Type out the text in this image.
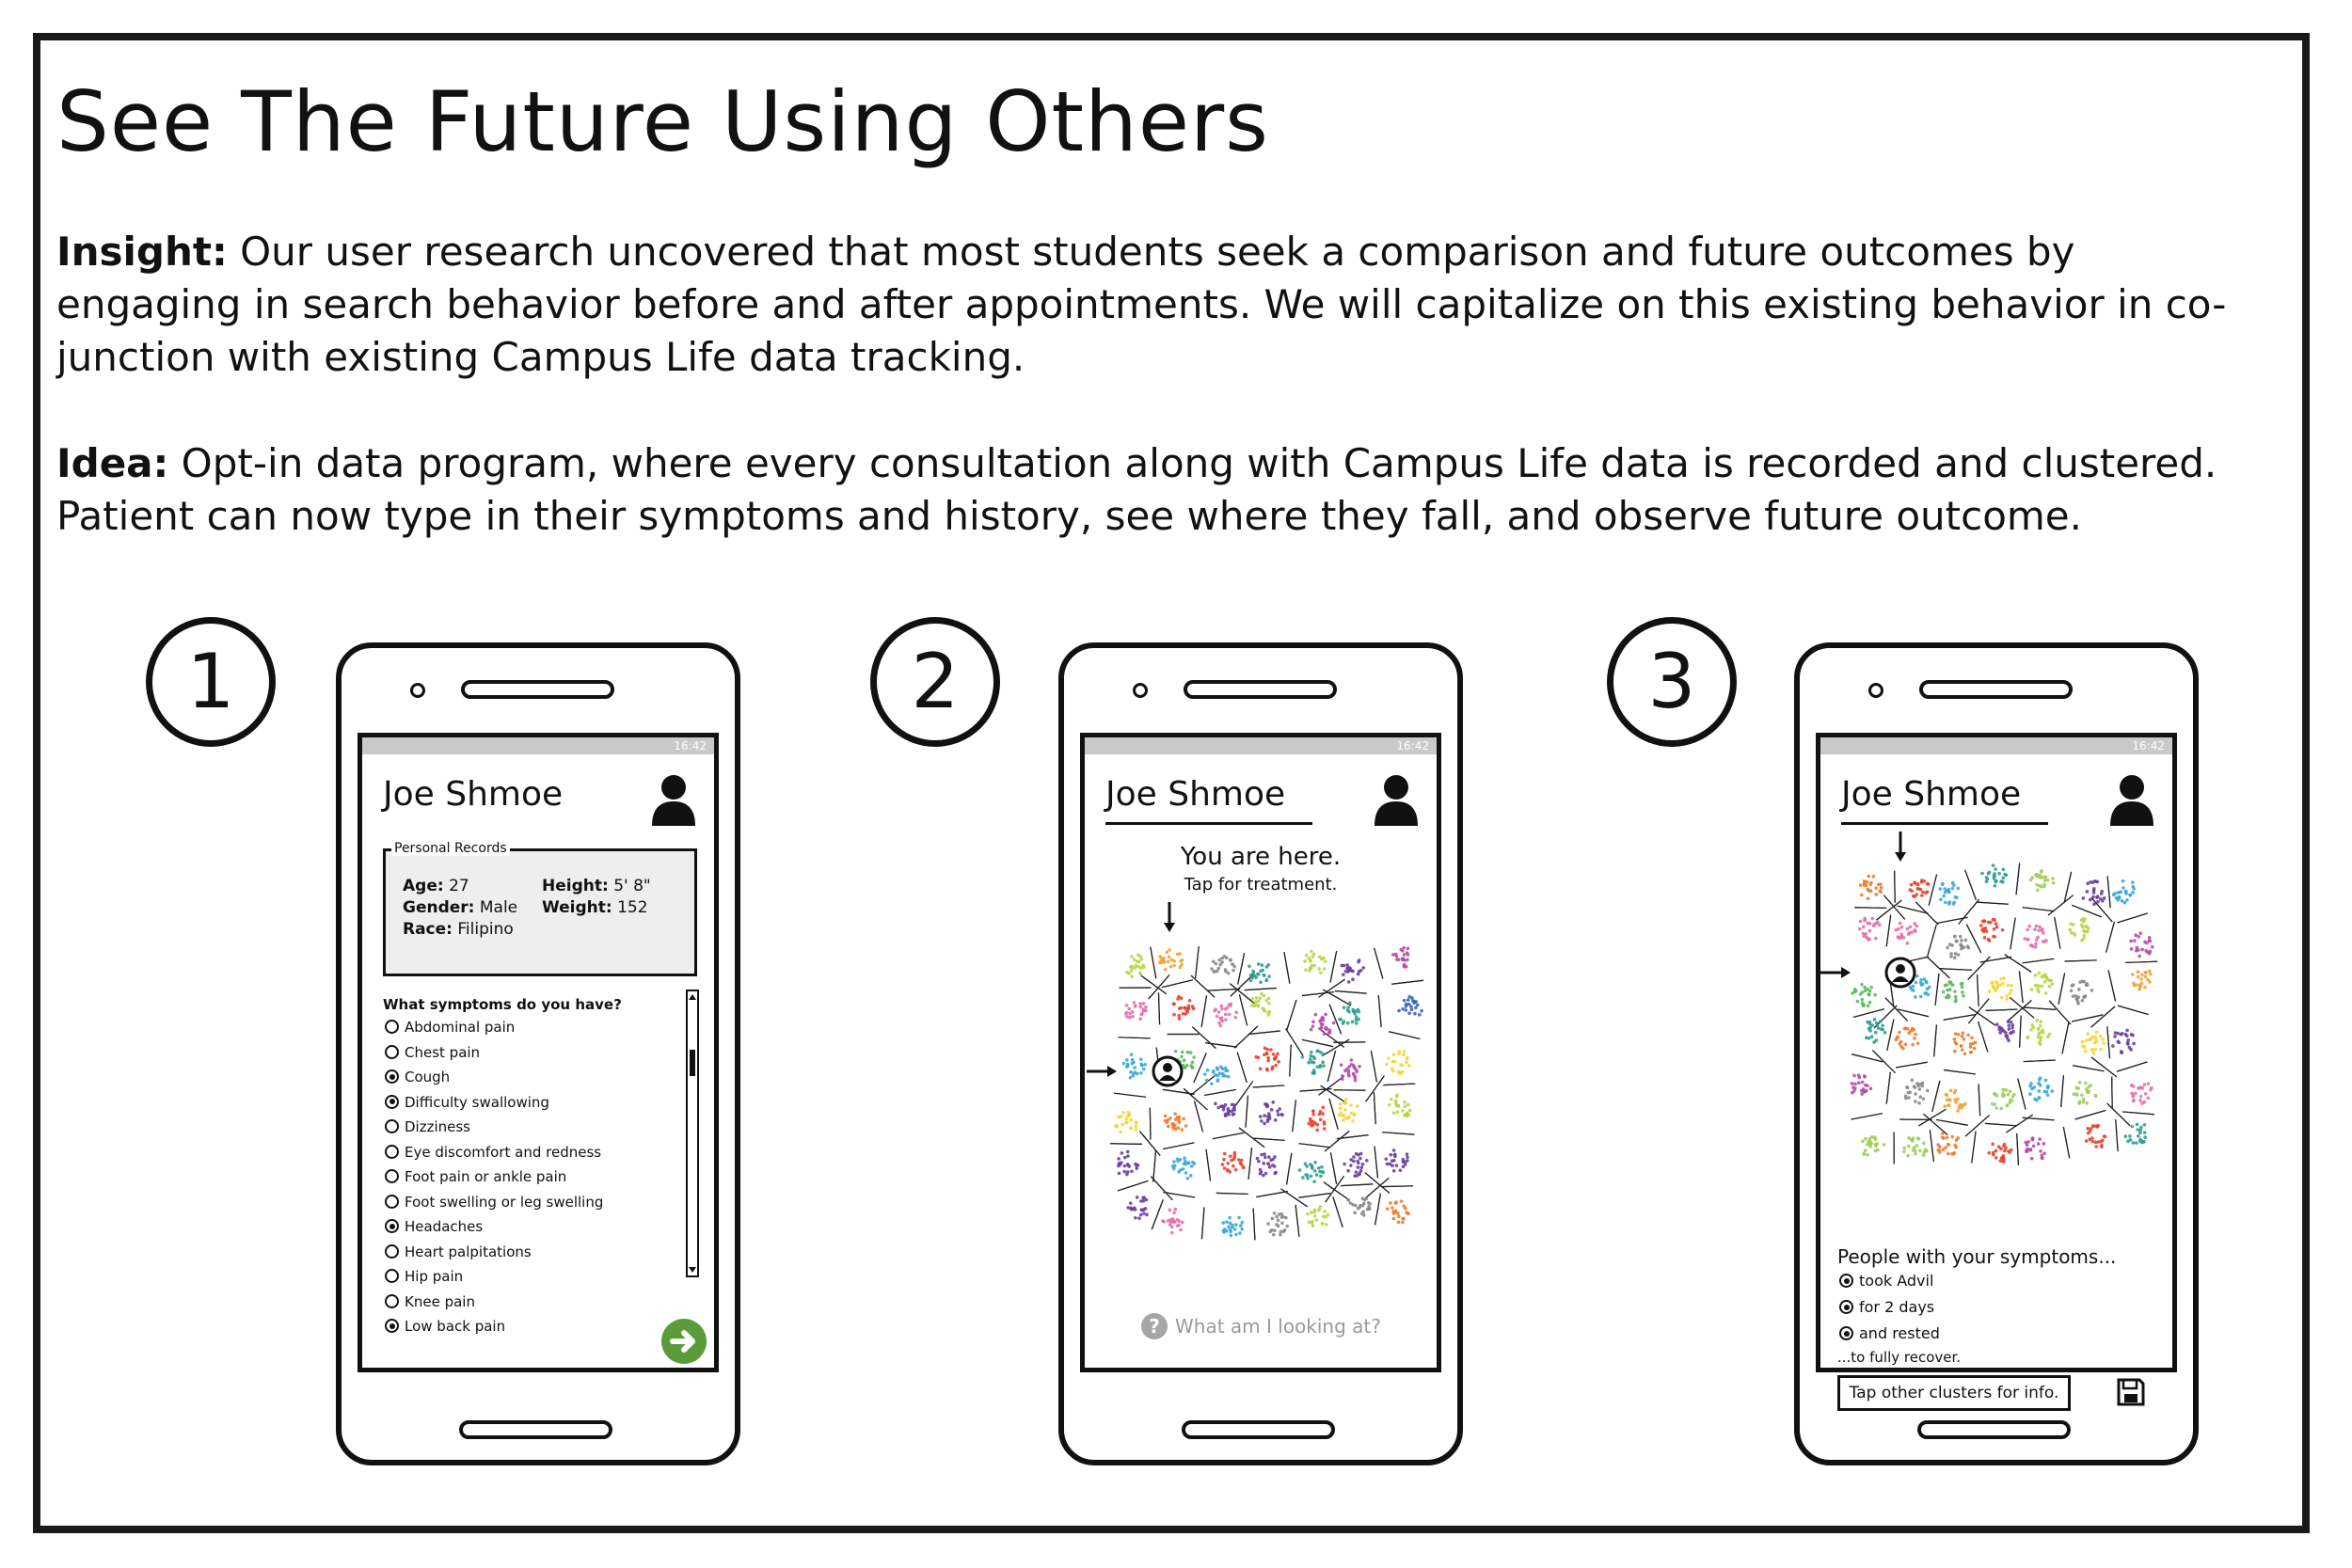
See The Future Using Others

Insight: Our user research uncovered that most students seek a comparison and future outcomes by engaging in search behavior before and after appointments. We will capitalize on this existing behavior in co-junction with existing Campus Life data tracking.

Idea: Opt-in data program, where every consultation along with Campus Life data is recorded and clustered. Patient can now type in their symptoms and history, see where they fall, and observe future outcome.

1	2	3
16:42
Joe Shmoe
Personal Records
Age: 27
Gender: Male
Race: Filipino
Height: 5' 8"
Weight: 152
What symptoms do you have?
Abdominal pain
Chest pain
Cough
Difficulty swallowing
Dizziness
Eye discomfort and redness
Foot pain or ankle pain
Foot swelling or leg swelling
Headaches
Heart palpitations
Hip pain
Knee pain
Low back pain
16:42
Joe Shmoe
You are here.
Tap for treatment.
? What am I looking at?
16:42
Joe Shmoe
People with your symptoms...
took Advil
for 2 days
and rested
...to fully recover.
Tap other clusters for info.
